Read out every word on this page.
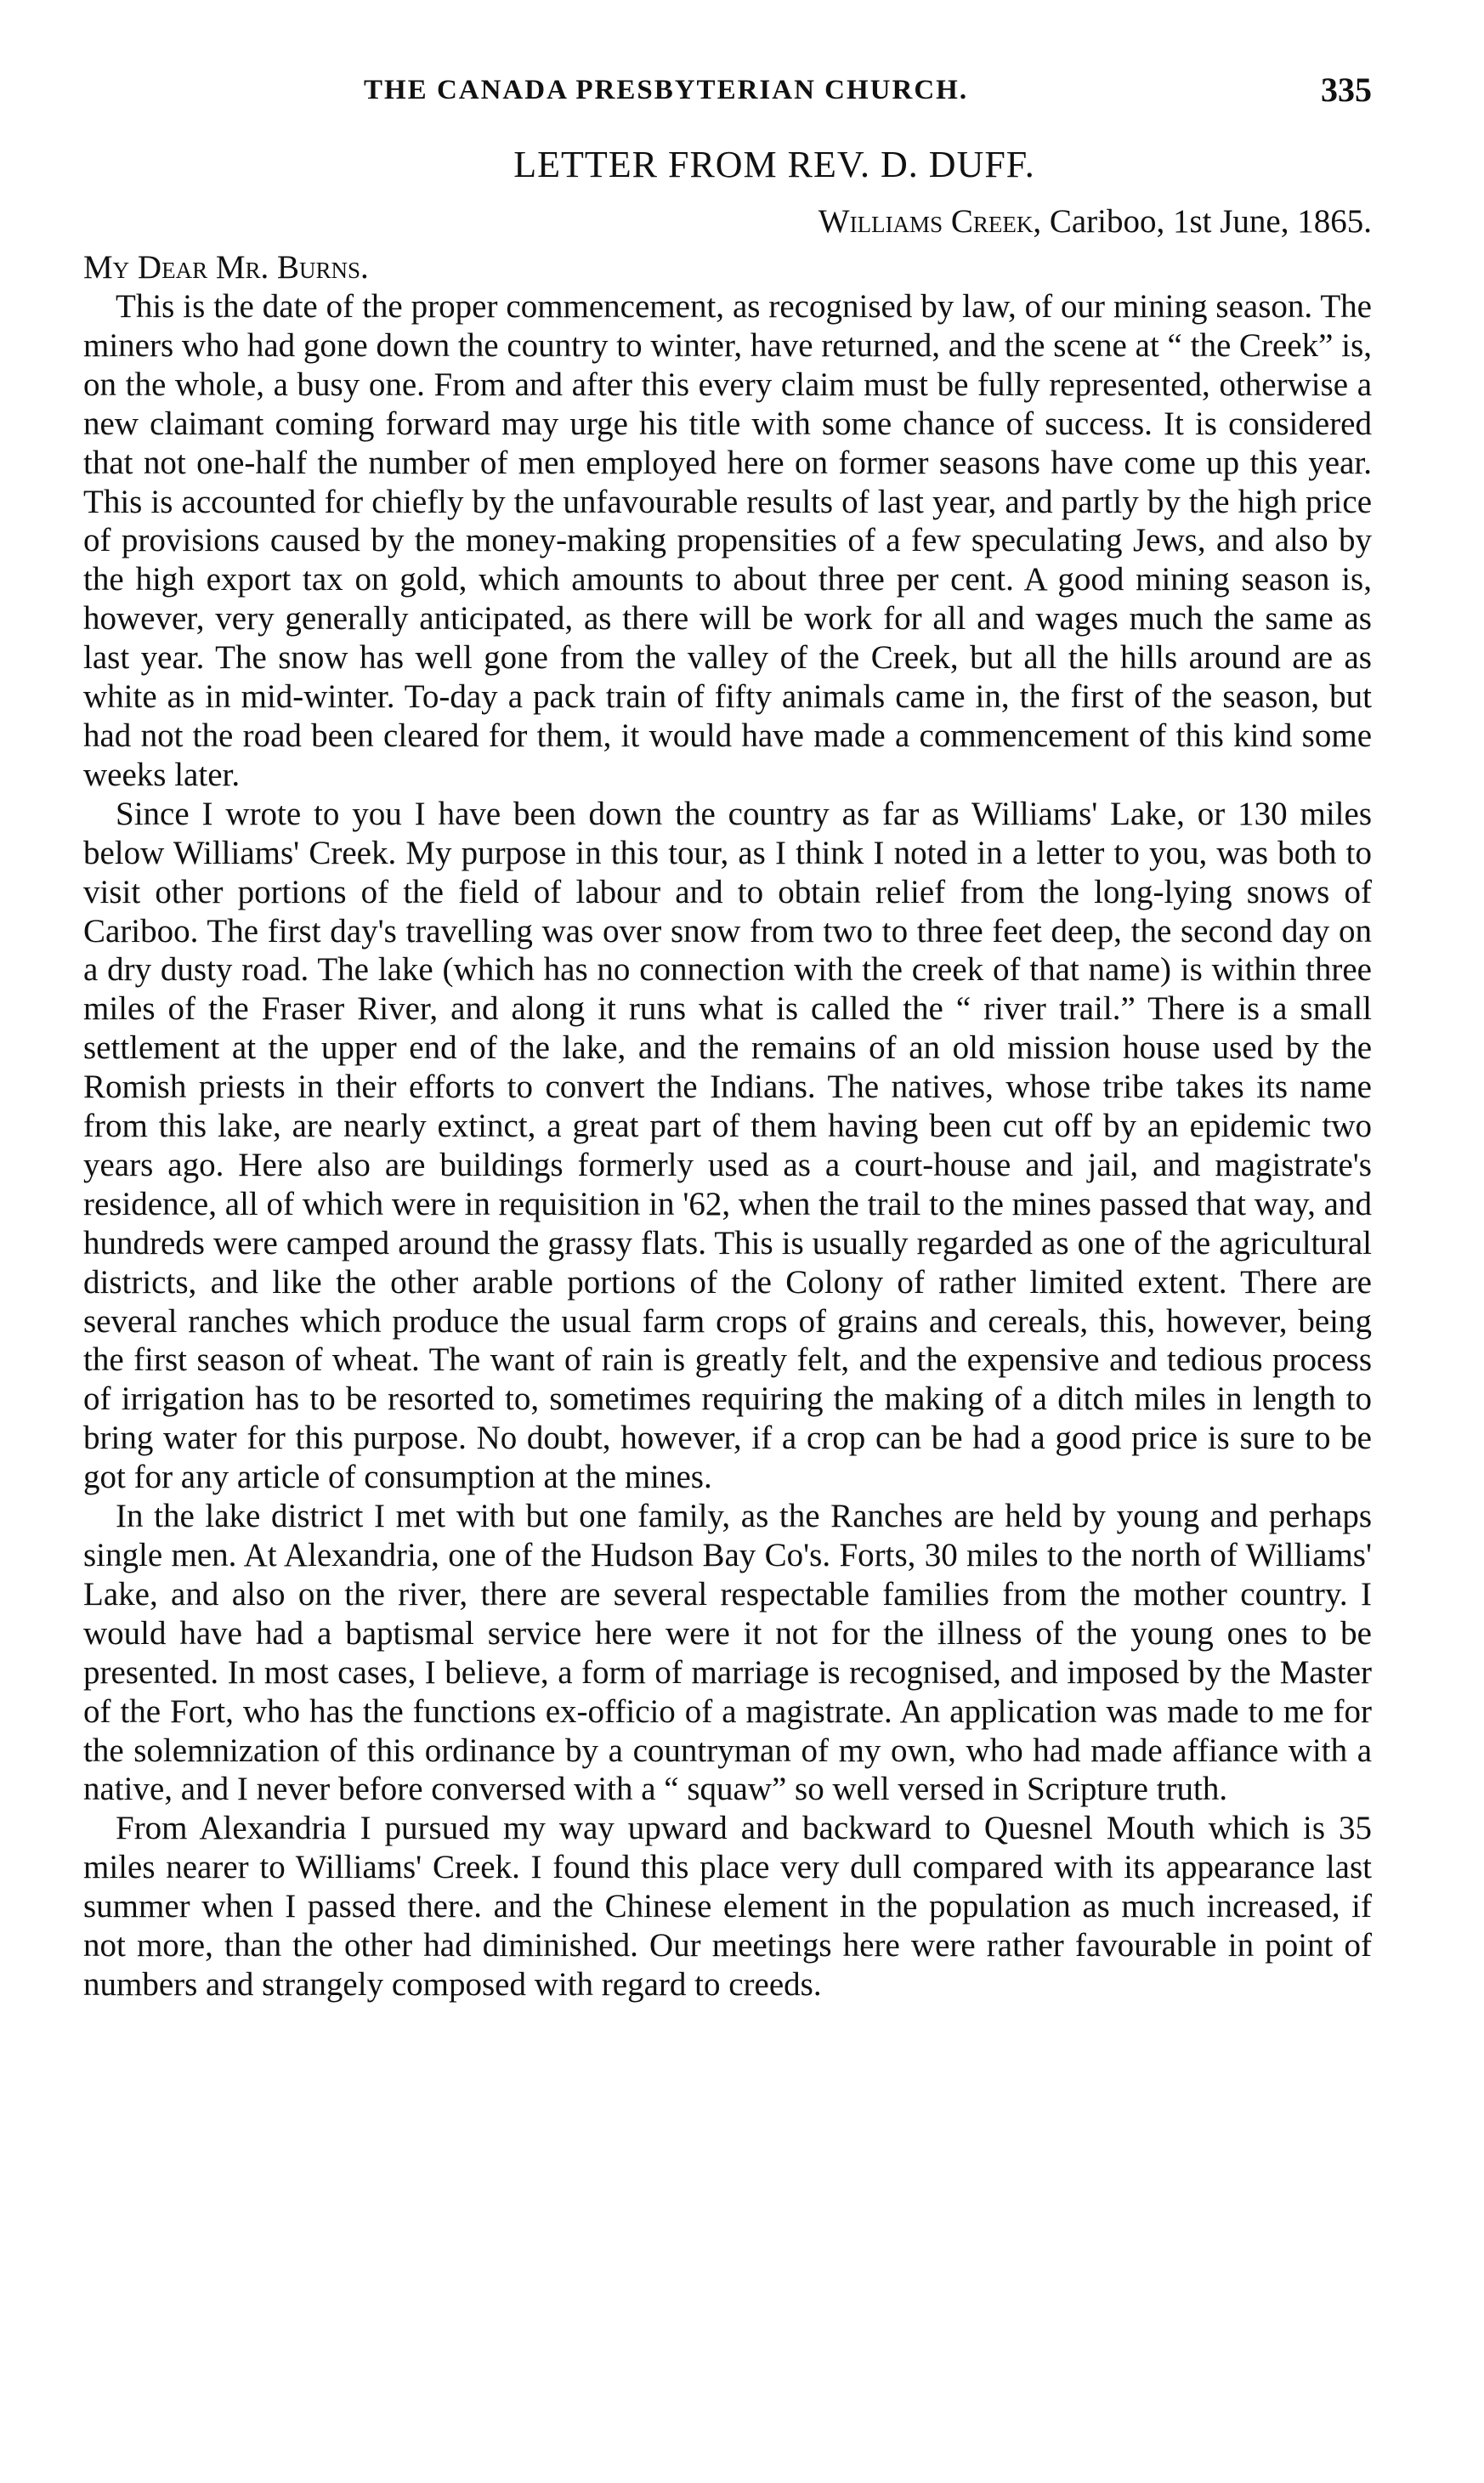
THE CANADA PRESBYTERIAN CHURCH.	335
LETTER FROM REV. D. DUFF.
Williams Creek, Cariboo, 1st June, 1865.
My Dear Mr. Burns.

This is the date of the proper commencement, as recognised by law, of our mining season. The miners who had gone down the country to winter, have returned, and the scene at “ the Creek” is, on the whole, a busy one. From and after this every claim must be fully represented, otherwise a new claimant coming forward may urge his title with some chance of success. It is considered that not one-half the number of men employed here on former seasons have come up this year. This is accounted for chiefly by the unfavourable results of last year, and partly by the high price of provisions caused by the money-making propensities of a few speculating Jews, and also by the high export tax on gold, which amounts to about three per cent. A good mining season is, however, very generally anticipated, as there will be work for all and wages much the same as last year. The snow has well gone from the valley of the Creek, but all the hills around are as white as in mid-winter. To-day a pack train of fifty animals came in, the first of the season, but had not the road been cleared for them, it would have made a commencement of this kind some weeks later.

Since I wrote to you I have been down the country as far as Williams' Lake, or 130 miles below Williams' Creek. My purpose in this tour, as I think I noted in a letter to you, was both to visit other portions of the field of labour and to obtain relief from the long-lying snows of Cariboo. The first day's travelling was over snow from two to three feet deep, the second day on a dry dusty road. The lake (which has no connection with the creek of that name) is within three miles of the Fraser River, and along it runs what is called the “ river trail.” There is a small settlement at the upper end of the lake, and the remains of an old mission house used by the Romish priests in their efforts to convert the Indians. The natives, whose tribe takes its name from this lake, are nearly extinct, a great part of them having been cut off by an epidemic two years ago. Here also are buildings formerly used as a court-house and jail, and magistrate's residence, all of which were in requisition in '62, when the trail to the mines passed that way, and hundreds were camped around the grassy flats. This is usually regarded as one of the agricultural districts, and like the other arable portions of the Colony of rather limited extent. There are several ranches which produce the usual farm crops of grains and cereals, this, however, being the first season of wheat. The want of rain is greatly felt, and the expensive and tedious process of irrigation has to be resorted to, sometimes requiring the making of a ditch miles in length to bring water for this purpose. No doubt, however, if a crop can be had a good price is sure to be got for any article of consumption at the mines.

In the lake district I met with but one family, as the Ranches are held by young and perhaps single men. At Alexandria, one of the Hudson Bay Co's. Forts, 30 miles to the north of Williams' Lake, and also on the river, there are several respectable families from the mother country. I would have had a baptismal service here were it not for the illness of the young ones to be presented. In most cases, I believe, a form of marriage is recognised, and imposed by the Master of the Fort, who has the functions ex-officio of a magistrate. An application was made to me for the solemnization of this ordinance by a countryman of my own, who had made affiance with a native, and I never before conversed with a “ squaw” so well versed in Scripture truth.

From Alexandria I pursued my way upward and backward to Quesnel Mouth which is 35 miles nearer to Williams' Creek. I found this place very dull compared with its appearance last summer when I passed there. and the Chinese element in the population as much increased, if not more, than the other had diminished. Our meetings here were rather favourable in point of numbers and strangely composed with regard to creeds.
